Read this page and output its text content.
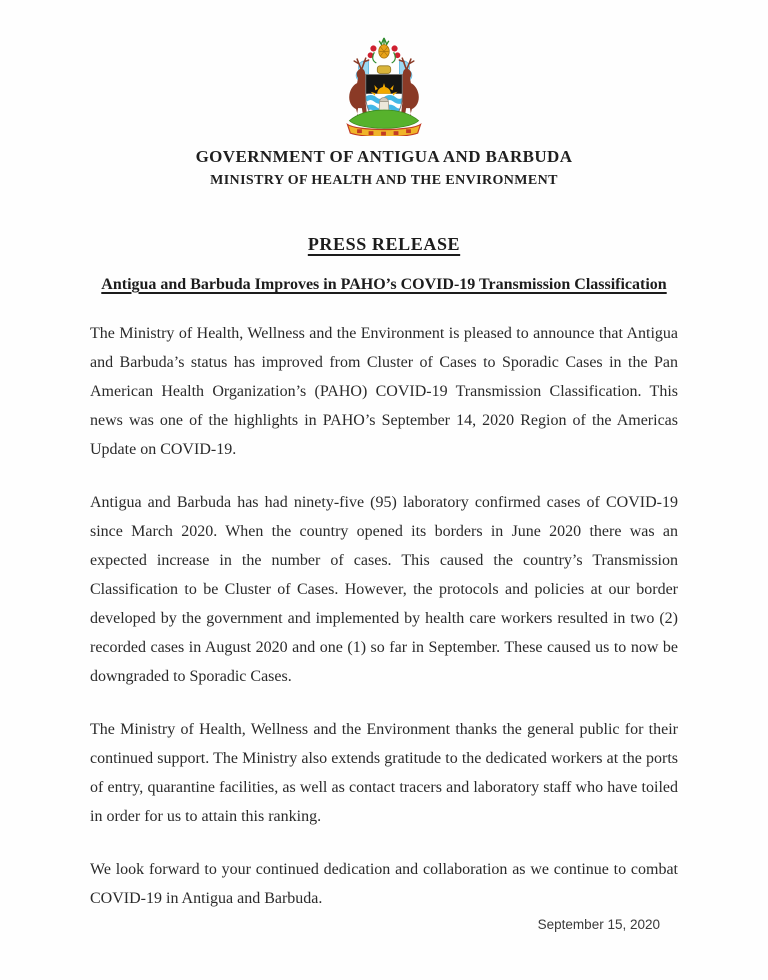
GOVERNMENT OF ANTIGUA AND BARBUDA
MINISTRY OF HEALTH AND THE ENVIRONMENT
PRESS RELEASE
Antigua and Barbuda Improves in PAHO’s COVID-19 Transmission Classification

The Ministry of Health, Wellness and the Environment is pleased to announce that Antigua and Barbuda’s status has improved from Cluster of Cases to Sporadic Cases in the Pan American Health Organization’s (PAHO) COVID-19 Transmission Classification. This news was one of the highlights in PAHO’s September 14, 2020 Region of the Americas Update on COVID-19.

Antigua and Barbuda has had ninety-five (95) laboratory confirmed cases of COVID-19 since March 2020. When the country opened its borders in June 2020 there was an expected increase in the number of cases. This caused the country’s Transmission Classification to be Cluster of Cases. However, the protocols and policies at our border developed by the government and implemented by health care workers resulted in two (2) recorded cases in August 2020 and one (1) so far in September. These caused us to now be downgraded to Sporadic Cases.

The Ministry of Health, Wellness and the Environment thanks the general public for their continued support. The Ministry also extends gratitude to the dedicated workers at the ports of entry, quarantine facilities, as well as contact tracers and laboratory staff who have toiled in order for us to attain this ranking.

We look forward to your continued dedication and collaboration as we continue to combat COVID-19 in Antigua and Barbuda.

September 15, 2020
